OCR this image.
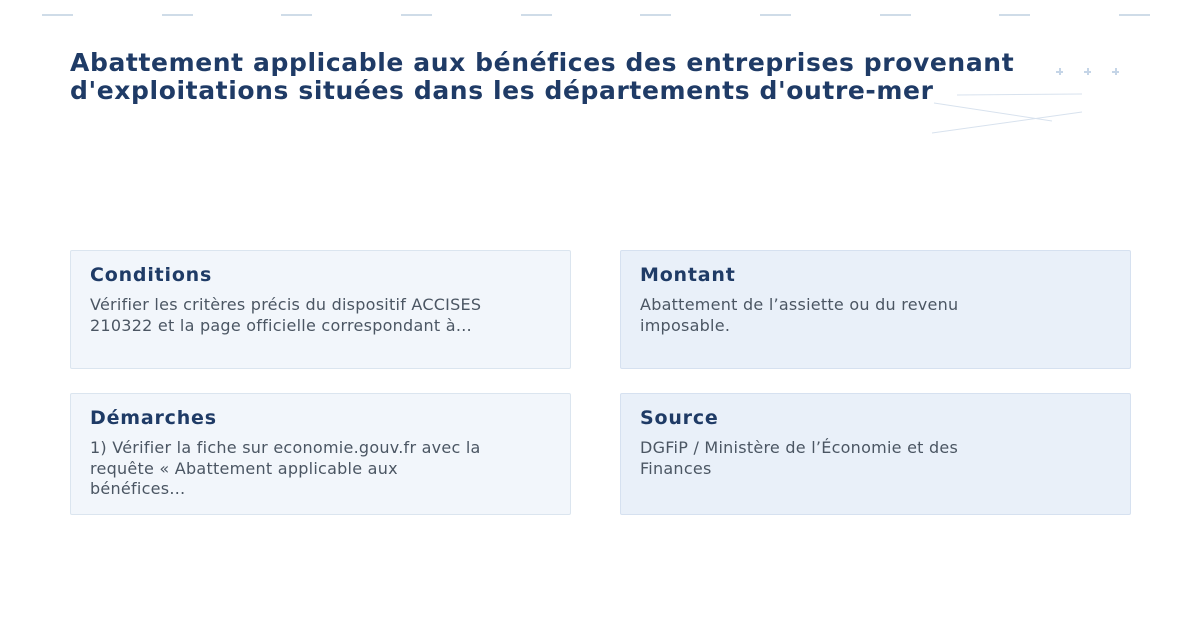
Abattement applicable aux bénéfices des entreprises provenant
d'exploitations situées dans les départements d'outre-mer
Conditions
Vérifier les critères précis du dispositif ACCISES
210322 et la page officielle correspondant à…
Montant
Abattement de l’assiette ou du revenu
imposable.
Démarches
1) Vérifier la fiche sur economie.gouv.fr avec la
requête « Abattement applicable aux
bénéfices…
Source
DGFiP / Ministère de l’Économie et des
Finances
